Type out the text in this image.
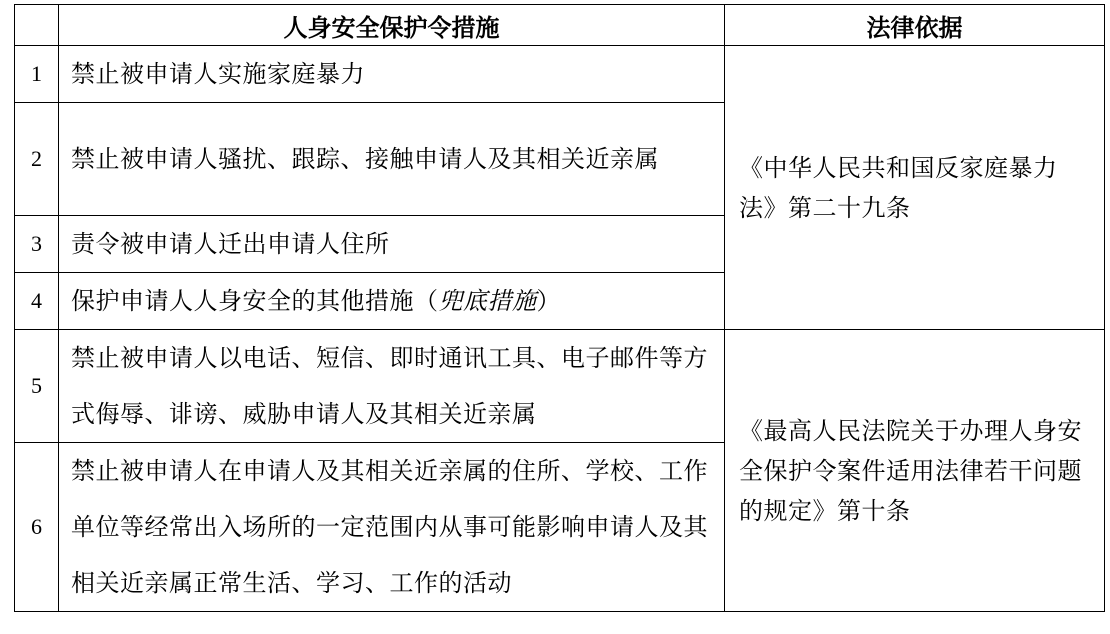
	人身安全保护令措施	法律依据
1	禁止被申请人实施家庭暴力	《中华人民共和国反家庭暴力法》第二十九条
2	禁止被申请人骚扰、跟踪、接触申请人及其相关近亲属	
3	责令被申请人迁出申请人住所	
4	保护申请人人身安全的其他措施（兜底措施）	
5	禁止被申请人以电话、短信、即时通讯工具、电子邮件等方式侮辱、诽谤、威胁申请人及其相关近亲属	《最高人民法院关于办理人身安全保护令案件适用法律若干问题的规定》第十条
6	禁止被申请人在申请人及其相关近亲属的住所、学校、工作单位等经常出入场所的一定范围内从事可能影响申请人及其相关近亲属正常生活、学习、工作的活动	
